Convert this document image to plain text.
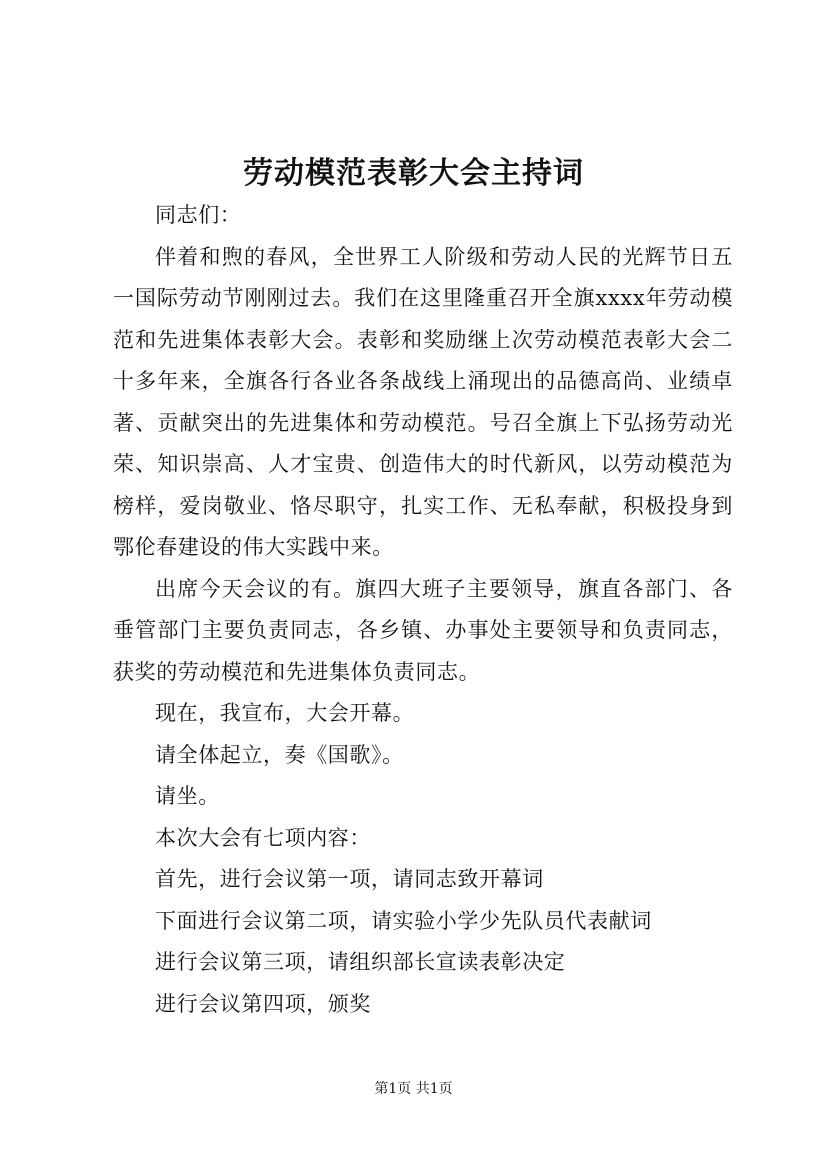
劳动模范表彰大会主持词

同志们：

伴着和煦的春风，全世界工人阶级和劳动人民的光辉节日五一国际劳动节刚刚过去。我们在这里隆重召开全旗xxxx年劳动模范和先进集体表彰大会。表彰和奖励继上次劳动模范表彰大会二十多年来，全旗各行各业各条战线上涌现出的品德高尚、业绩卓著、贡献突出的先进集体和劳动模范。号召全旗上下弘扬劳动光荣、知识崇高、人才宝贵、创造伟大的时代新风，以劳动模范为榜样，爱岗敬业、恪尽职守，扎实工作、无私奉献，积极投身到鄂伦春建设的伟大实践中来。

出席今天会议的有。旗四大班子主要领导，旗直各部门、各垂管部门主要负责同志，各乡镇、办事处主要领导和负责同志，获奖的劳动模范和先进集体负责同志。

现在，我宣布，大会开幕。

请全体起立，奏《国歌》。

请坐。

本次大会有七项内容：

首先，进行会议第一项，请同志致开幕词

下面进行会议第二项，请实验小学少先队员代表献词

进行会议第三项，请组织部长宣读表彰决定

进行会议第四项，颁奖

第1页 共1页
